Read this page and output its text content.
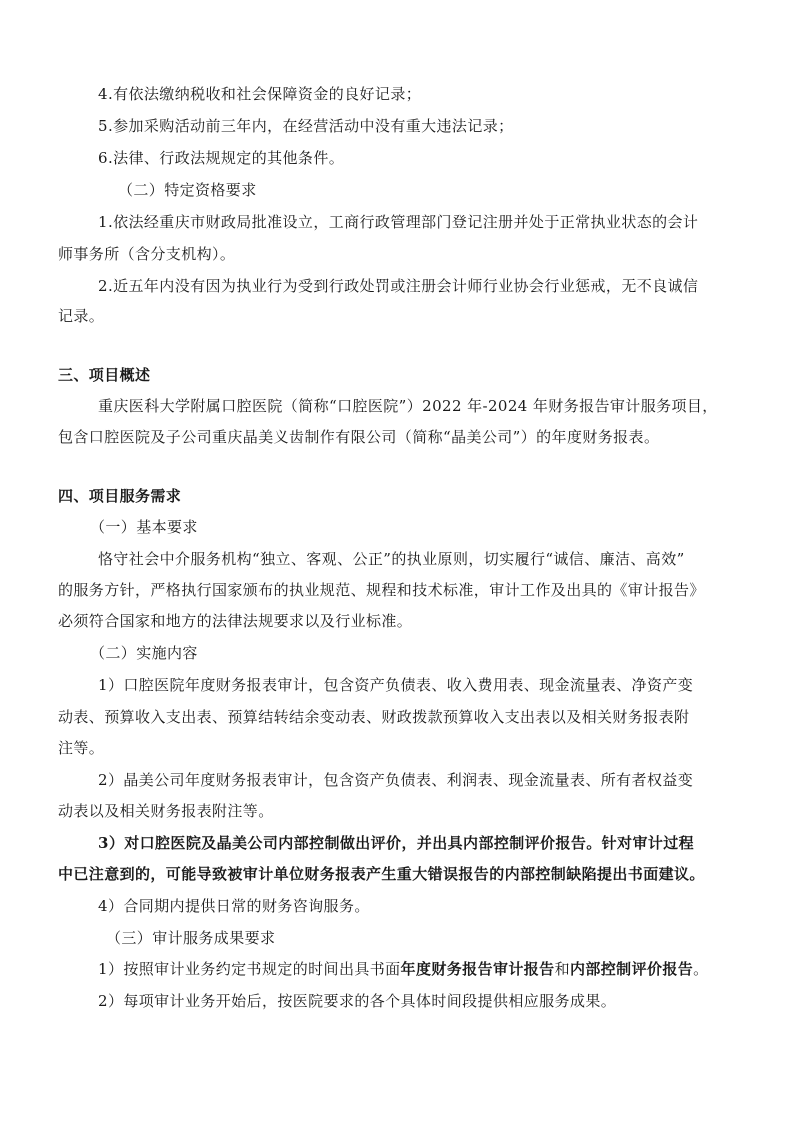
4.有依法缴纳税收和社会保障资金的良好记录；
5.参加采购活动前三年内，在经营活动中没有重大违法记录；
6.法律、行政法规规定的其他条件。
（二）特定资格要求
1.依法经重庆市财政局批准设立，工商行政管理部门登记注册并处于正常执业状态的会计
师事务所（含分支机构）。
2.近五年内没有因为执业行为受到行政处罚或注册会计师行业协会行业惩戒，无不良诚信
记录。
三、项目概述
重庆医科大学附属口腔医院（简称“口腔医院”）2022 年-2024 年财务报告审计服务项目，
包含口腔医院及子公司重庆晶美义齿制作有限公司（简称“晶美公司”）的年度财务报表。
四、项目服务需求
（一）基本要求
恪守社会中介服务机构“独立、客观、公正”的执业原则，切实履行“诚信、廉洁、高效”
的服务方针，严格执行国家颁布的执业规范、规程和技术标准，审计工作及出具的《审计报告》
必须符合国家和地方的法律法规要求以及行业标准。
（二）实施内容
1）口腔医院年度财务报表审计，包含资产负债表、收入费用表、现金流量表、净资产变
动表、预算收入支出表、预算结转结余变动表、财政拨款预算收入支出表以及相关财务报表附
注等。
2）晶美公司年度财务报表审计，包含资产负债表、利润表、现金流量表、所有者权益变
动表以及相关财务报表附注等。
3）对口腔医院及晶美公司内部控制做出评价，并出具内部控制评价报告。针对审计过程
中已注意到的，可能导致被审计单位财务报表产生重大错误报告的内部控制缺陷提出书面建议。
4）合同期内提供日常的财务咨询服务。
（三）审计服务成果要求
1）按照审计业务约定书规定的时间出具书面年度财务报告审计报告和内部控制评价报告。
2）每项审计业务开始后，按医院要求的各个具体时间段提供相应服务成果。
